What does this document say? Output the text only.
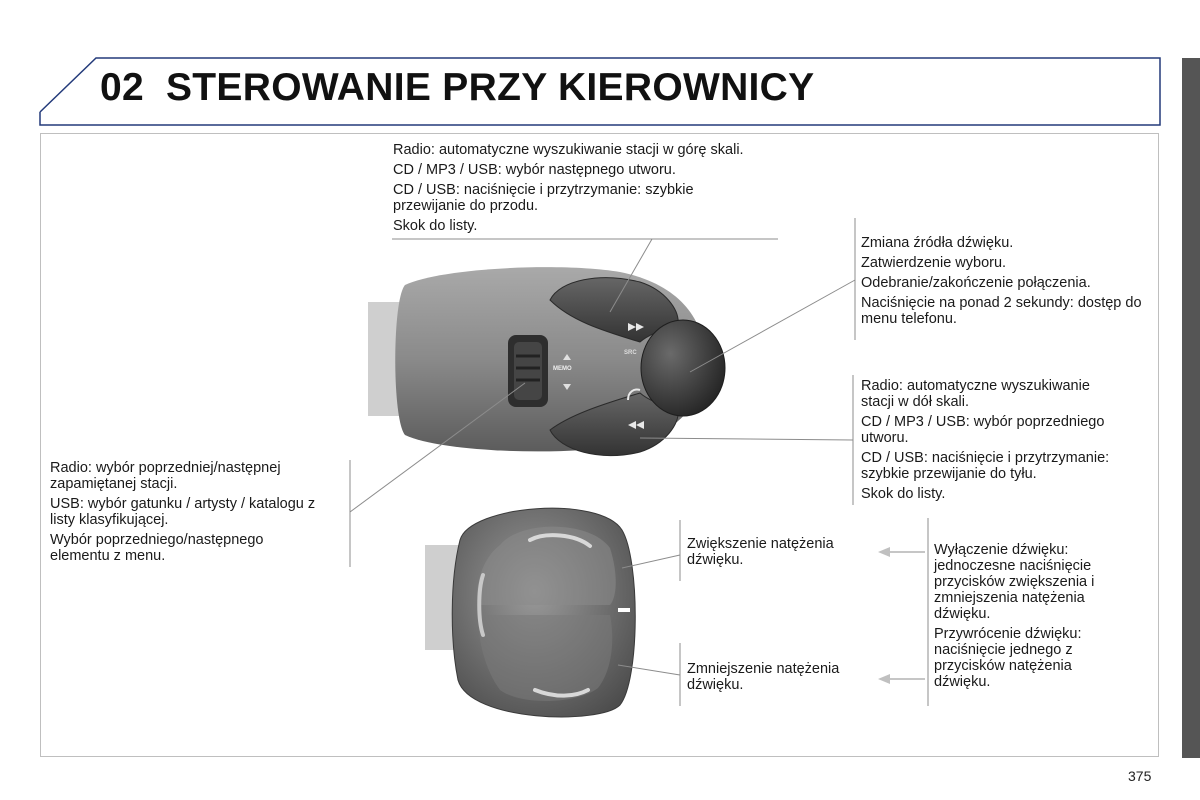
02 STEROWANIE PRZY KIEROWNICY
MEMO
SRC

Radio: automatyczne wyszukiwanie stacji w górę skali.

CD / MP3 / USB: wybór następnego utworu.

CD / USB: naciśnięcie i przytrzymanie: szybkie przewijanie do przodu.

Skok do listy.

Zmiana źródła dźwięku.

Zatwierdzenie wyboru.

Odebranie/zakończenie połączenia.

Naciśnięcie na ponad 2 sekundy: dostęp do menu telefonu.

Radio: automatyczne wyszukiwanie stacji w dół skali.

CD / MP3 / USB: wybór poprzedniego utworu.

CD / USB: naciśnięcie i przytrzymanie: szybkie przewijanie do tyłu.

Skok do listy.

Radio: wybór poprzedniej/następnej zapamiętanej stacji.

USB: wybór gatunku / artysty / katalogu z listy klasyfikującej.

Wybór poprzedniego/następnego elementu z menu.

Zwiększenie natężenia dźwięku.
Zmniejszenie natężenia dźwięku.

Wyłączenie dźwięku: jednoczesne naciśnięcie przycisków zwiększenia i zmniejszenia natężenia dźwięku.

Przywrócenie dźwięku: naciśnięcie jednego z przycisków natężenia dźwięku.

375
